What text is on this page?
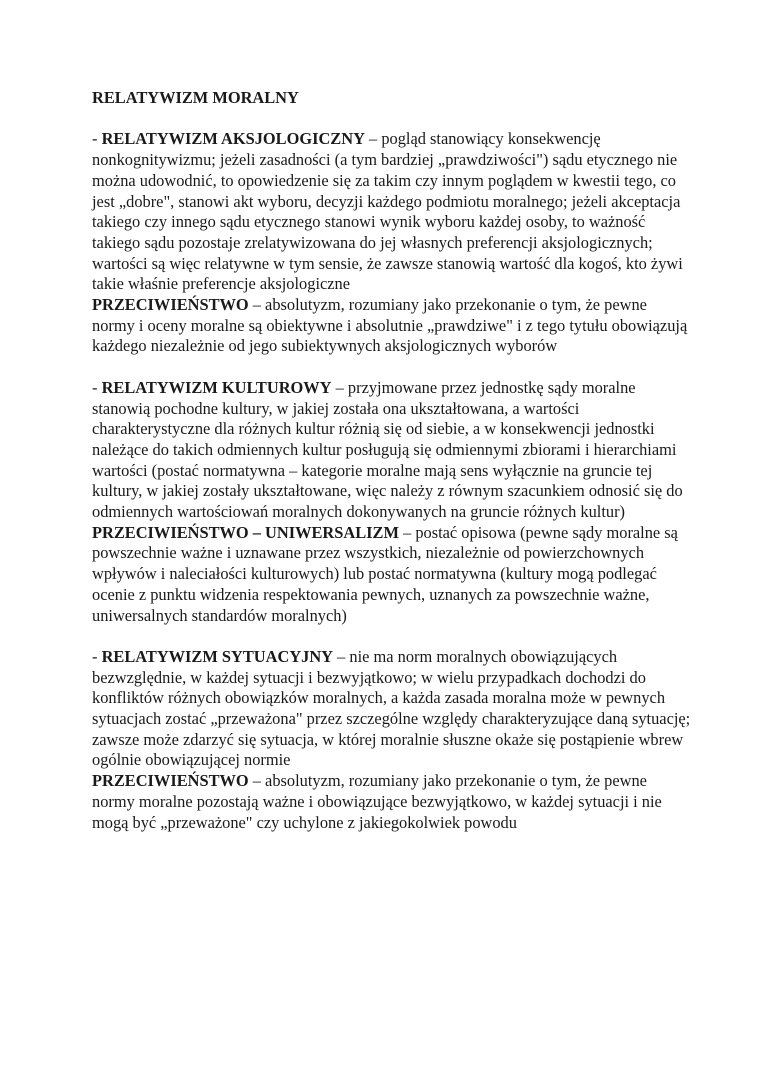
RELATYWIZM MORALNY

- RELATYWIZM AKSJOLOGICZNY – pogląd stanowiący konsekwencję nonkognitywizmu; jeżeli zasadności (a tym bardziej „prawdziwości") sądu etycznego nie można udowodnić, to opowiedzenie się za takim czy innym poglądem w kwestii tego, co jest „dobre", stanowi akt wyboru, decyzji każdego podmiotu moralnego; jeżeli akceptacja takiego czy innego sądu etycznego stanowi wynik wyboru każdej osoby, to ważność takiego sądu pozostaje zrelatywizowana do jej własnych preferencji aksjologicznych; wartości są więc relatywne w tym sensie, że zawsze stanowią wartość dla kogoś, kto żywi takie właśnie preferencje aksjologiczne

PRZECIWIEŃSTWO – absolutyzm, rozumiany jako przekonanie o tym, że pewne normy i oceny moralne są obiektywne i absolutnie „prawdziwe" i z tego tytułu obowiązują każdego niezależnie od jego subiektywnych aksjologicznych wyborów

- RELATYWIZM KULTUROWY – przyjmowane przez jednostkę sądy moralne stanowią pochodne kultury, w jakiej została ona ukształtowana, a wartości charakterystyczne dla różnych kultur różnią się od siebie, a w konsekwencji jednostki należące do takich odmiennych kultur posługują się odmiennymi zbiorami i hierarchiami wartości (postać normatywna – kategorie moralne mają sens wyłącznie na gruncie tej kultury, w jakiej zostały ukształtowane, więc należy z równym szacunkiem odnosić się do odmiennych wartościowań moralnych dokonywanych na gruncie różnych kultur)

PRZECIWIEŃSTWO – UNIWERSALIZM – postać opisowa (pewne sądy moralne są powszechnie ważne i uznawane przez wszystkich, niezależnie od powierzchownych wpływów i naleciałości kulturowych) lub postać normatywna (kultury mogą podlegać ocenie z punktu widzenia respektowania pewnych, uznanych za powszechnie ważne, uniwersalnych standardów moralnych)

- RELATYWIZM SYTUACYJNY – nie ma norm moralnych obowiązujących bezwzględnie, w każdej sytuacji i bezwyjątkowo; w wielu przypadkach dochodzi do konfliktów różnych obowiązków moralnych, a każda zasada moralna może w pewnych sytuacjach zostać „przeważona" przez szczególne względy charakteryzujące daną sytuację; zawsze może zdarzyć się sytuacja, w której moralnie słuszne okaże się postąpienie wbrew ogólnie obowiązującej normie

PRZECIWIEŃSTWO – absolutyzm, rozumiany jako przekonanie o tym, że pewne normy moralne pozostają ważne i obowiązujące bezwyjątkowo, w każdej sytuacji i nie mogą być „przeważone" czy uchylone z jakiegokolwiek powodu
